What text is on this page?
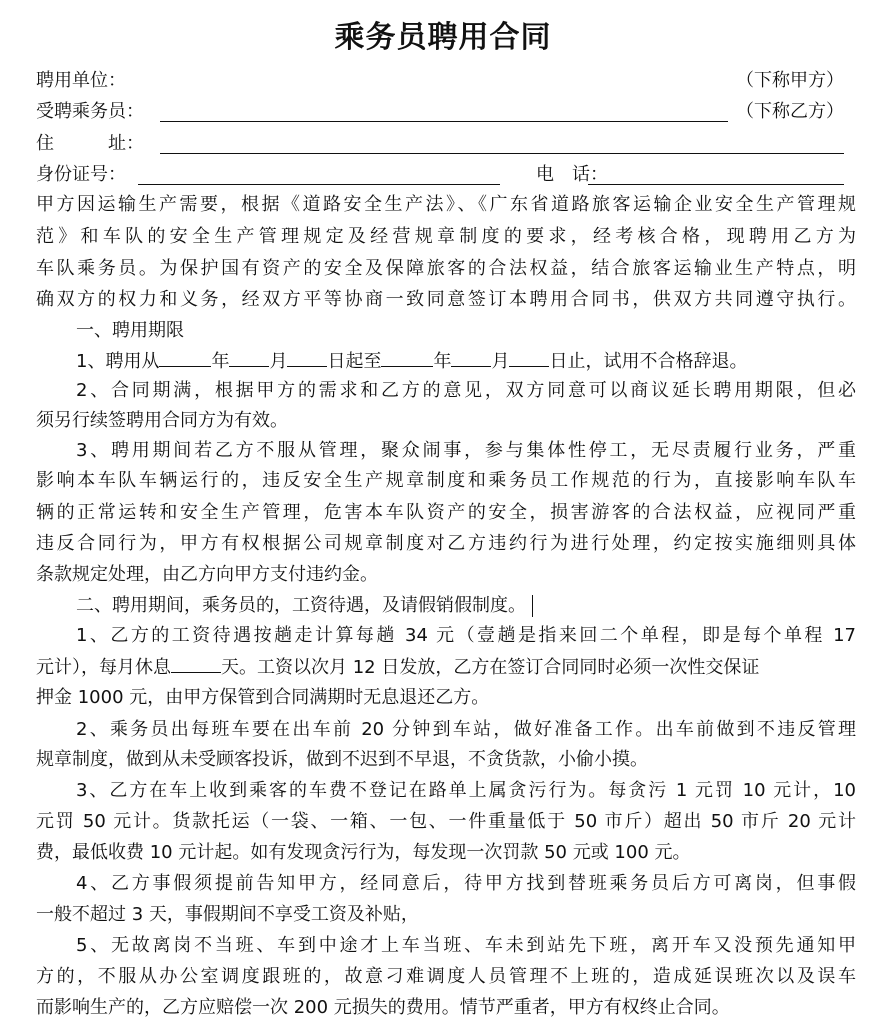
乘务员聘用合同
聘用单位：	（下称甲方）
受聘乘务员：	（下称乙方）
住	址：
身份证号：	电　话：
甲方因运输生产需要，根据《道路安全生产法》、《广东省道路旅客运输企业安全生产管理规
范》和车队的安全生产管理规定及经营规章制度的要求，经考核合格，现聘用乙方为
车队乘务员。为保护国有资产的安全及保障旅客的合法权益，结合旅客运输业生产特点，明
确双方的权力和义务，经双方平等协商一致同意签订本聘用合同书，供双方共同遵守执行。
一、聘用期限
1、聘用从	年 月 日起至	年 月 日止，试用不合格辞退。
2、合同期满，根据甲方的需求和乙方的意见，双方同意可以商议延长聘用期限，但必
须另行续签聘用合同方为有效。
3、聘用期间若乙方不服从管理，聚众闹事，参与集体性停工，无尽责履行业务，严重
影响本车队车辆运行的，违反安全生产规章制度和乘务员工作规范的行为，直接影响车队车
辆的正常运转和安全生产管理，危害本车队资产的安全，损害游客的合法权益，应视同严重
违反合同行为，甲方有权根据公司规章制度对乙方违约行为进行处理，约定按实施细则具体
条款规定处理，由乙方向甲方支付违约金。
二、聘用期间，乘务员的，工资待遇，及请假销假制度。
1、乙方的工资待遇按趟走计算每趟 34 元（壹趟是指来回二个单程，即是每个单程 17
元计），每月休息	天。工资以次月 12 日发放，乙方在签订合同同时必须一次性交保证
押金 1000 元，由甲方保管到合同满期时无息退还乙方。
2、乘务员出每班车要在出车前 20 分钟到车站，做好准备工作。出车前做到不违反管理
规章制度，做到从未受顾客投诉，做到不迟到不早退，不贪货款，小偷小摸。
3、乙方在车上收到乘客的车费不登记在路单上属贪污行为。每贪污 1 元罚 10 元计，10
元罚 50 元计。货款托运（一袋、一箱、一包、一件重量低于 50 市斤）超出 50 市斤 20 元计
费，最低收费 10 元计起。如有发现贪污行为，每发现一次罚款 50 元或 100 元。
4、乙方事假须提前告知甲方，经同意后，待甲方找到替班乘务员后方可离岗，但事假
一般不超过 3 天，事假期间不享受工资及补贴，
5、无故离岗不当班、车到中途才上车当班、车未到站先下班，离开车又没预先通知甲
方的，不服从办公室调度跟班的，故意刁难调度人员管理不上班的，造成延误班次以及误车
而影响生产的，乙方应赔偿一次 200 元损失的费用。情节严重者，甲方有权终止合同。
